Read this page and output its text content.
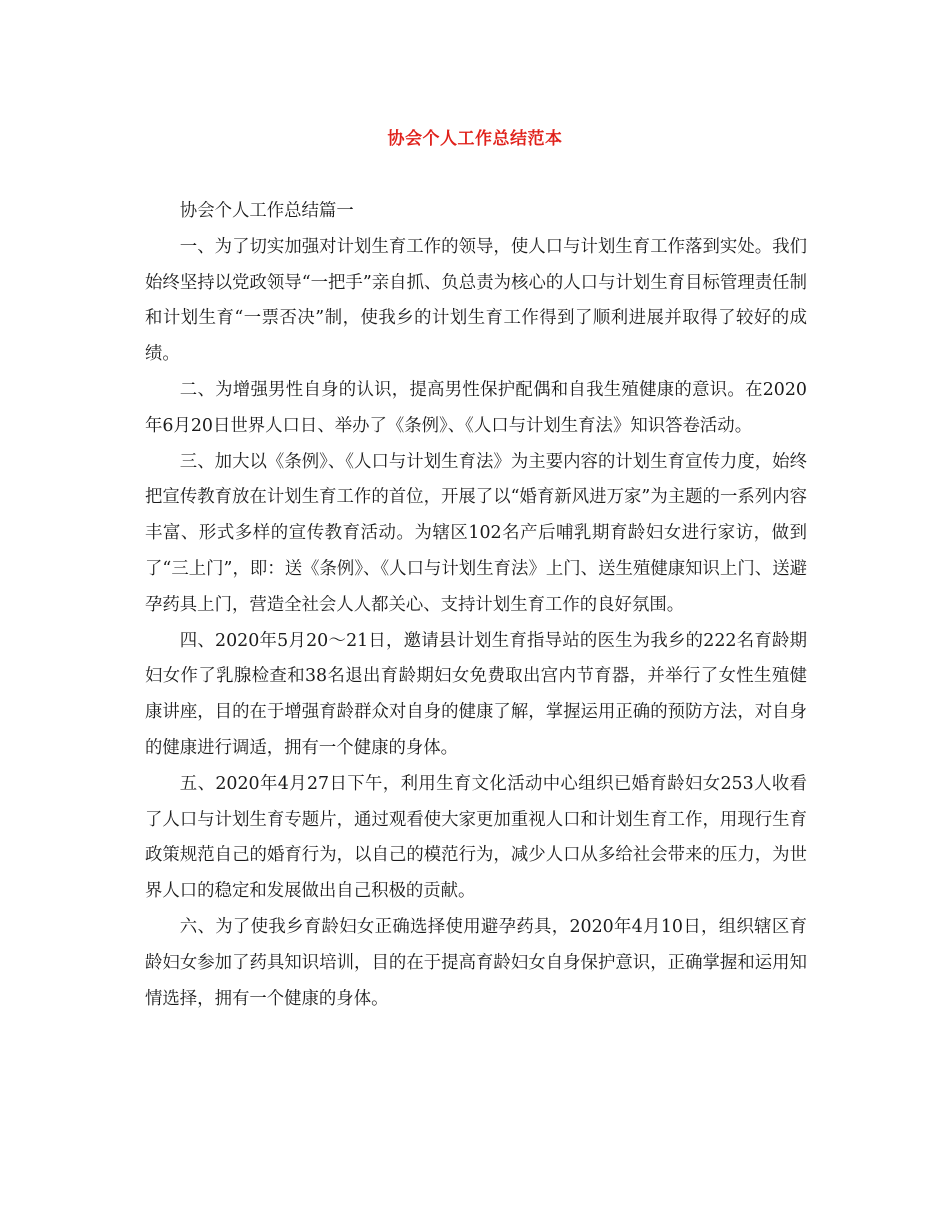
协会个人工作总结范本

协会个人工作总结篇一

一、为了切实加强对计划生育工作的领导，使人口与计划生育工作落到实处。我们始终坚持以党政领导“一把手”亲自抓、负总责为核心的人口与计划生育目标管理责任制和计划生育“一票否决”制，使我乡的计划生育工作得到了顺利进展并取得了较好的成绩。

二、为增强男性自身的认识，提高男性保护配偶和自我生殖健康的意识。在2020年6月20日世界人口日、举办了《条例》、《人口与计划生育法》知识答卷活动。

三、加大以《条例》、《人口与计划生育法》为主要内容的计划生育宣传力度，始终把宣传教育放在计划生育工作的首位，开展了以“婚育新风进万家”为主题的一系列内容丰富、形式多样的宣传教育活动。为辖区102名产后哺乳期育龄妇女进行家访，做到了“三上门”，即：送《条例》、《人口与计划生育法》上门、送生殖健康知识上门、送避孕药具上门，营造全社会人人都关心、支持计划生育工作的良好氛围。

四、2020年5月20～21日，邀请县计划生育指导站的医生为我乡的222名育龄期妇女作了乳腺检查和38名退出育龄期妇女免费取出宫内节育器，并举行了女性生殖健康讲座，目的在于增强育龄群众对自身的健康了解，掌握运用正确的预防方法，对自身的健康进行调适，拥有一个健康的身体。

五、2020年4月27日下午，利用生育文化活动中心组织已婚育龄妇女253人收看了人口与计划生育专题片，通过观看使大家更加重视人口和计划生育工作，用现行生育政策规范自己的婚育行为，以自己的模范行为，减少人口从多给社会带来的压力，为世界人口的稳定和发展做出自己积极的贡献。

六、为了使我乡育龄妇女正确选择使用避孕药具，2020年4月10日，组织辖区育龄妇女参加了药具知识培训，目的在于提高育龄妇女自身保护意识，正确掌握和运用知情选择，拥有一个健康的身体。
